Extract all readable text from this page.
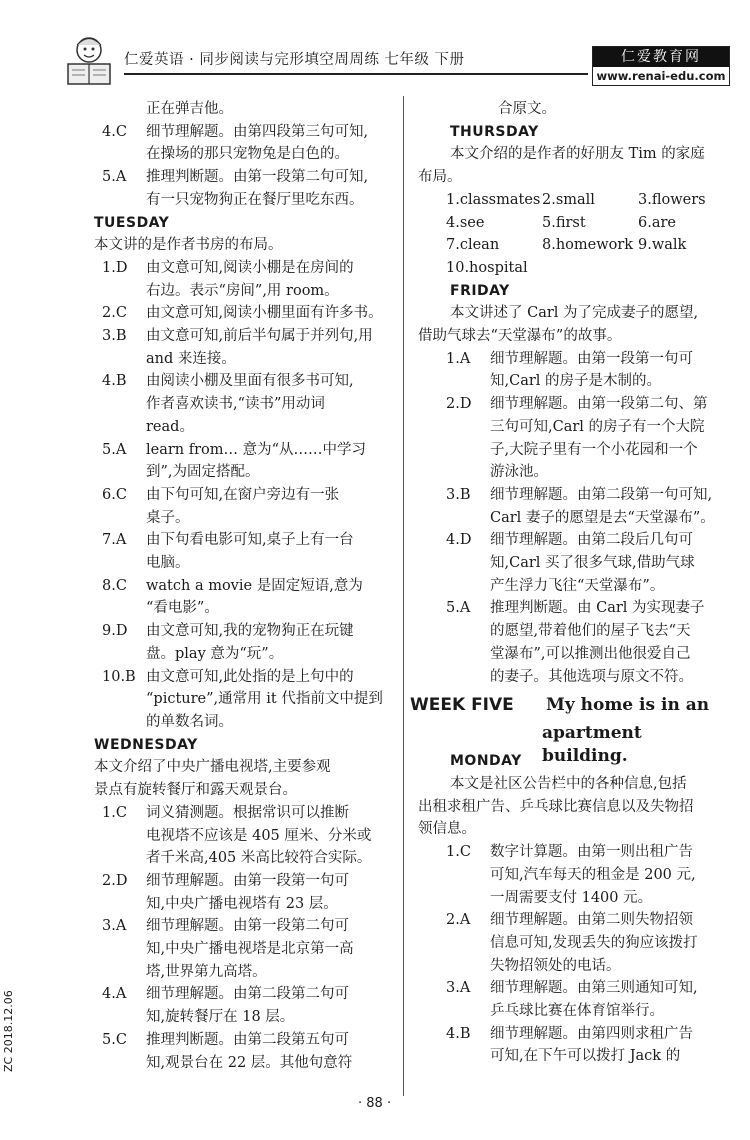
仁爱英语 · 同步阅读与完形填空周周练 七年级 下册	仁爱教育网
www.renai-edu.com
正在弹吉他。
4.C 细节理解题。由第四段第三句可知,
在操场的那只宠物兔是白色的。
5.A 推理判断题。由第一段第二句可知,
有一只宠物狗正在餐厅里吃东西。
TUESDAY
本文讲的是作者书房的布局。
1.D 由文意可知,阅读小棚是在房间的
右边。表示“房间”,用 room。
2.C 由文意可知,阅读小棚里面有许多书。
3.B 由文意可知,前后半句属于并列句,用
and 来连接。
4.B 由阅读小棚及里面有很多书可知,
作者喜欢读书,“读书”用动词
read。
5.A learn from… 意为“从……中学习
到”,为固定搭配。
6.C 由下句可知,在窗户旁边有一张
桌子。
7.A 由下句看电影可知,桌子上有一台
电脑。
8.C watch a movie 是固定短语,意为
“看电影”。
9.D 由文意可知,我的宠物狗正在玩键
盘。play 意为“玩”。
10.B 由文意可知,此处指的是上句中的
“picture”,通常用 it 代指前文中提到
的单数名词。
WEDNESDAY
本文介绍了中央广播电视塔,主要参观
景点有旋转餐厅和露天观景台。
1.C 词义猜测题。根据常识可以推断
电视塔不应该是 405 厘米、分米或
者千米高,405 米高比较符合实际。
2.D 细节理解题。由第一段第一句可
知,中央广播电视塔有 23 层。
3.A 细节理解题。由第一段第二句可
知,中央广播电视塔是北京第一高
塔,世界第九高塔。
4.A 细节理解题。由第二段第二句可
知,旋转餐厅在 18 层。
5.C 推理判断题。由第二段第五句可
知,观景台在 22 层。其他句意符
合原文。
THURSDAY
本文介绍的是作者的好朋友 Tim 的家庭
布局。
1.classmates 2.small	3.flowers
4.see	5.first	6.are
7.clean	8.homework 9.walk
10.hospital
FRIDAY
本文讲述了 Carl 为了完成妻子的愿望,
借助气球去“天堂瀑布”的故事。
1.A 细节理解题。由第一段第一句可
知,Carl 的房子是木制的。
2.D 细节理解题。由第一段第二句、第
三句可知,Carl 的房子有一个大院
子,大院子里有一个小花园和一个
游泳池。
3.B 细节理解题。由第二段第一句可知,
Carl 妻子的愿望是去“天堂瀑布”。
4.D 细节理解题。由第二段后几句可
知,Carl 买了很多气球,借助气球
产生浮力飞往“天堂瀑布”。
5.A 推理判断题。由 Carl 为实现妻子
的愿望,带着他们的屋子飞去“天
堂瀑布”,可以推测出他很爱自己
的妻子。其他选项与原文不符。
WEEK FIVE My home is in an
apartment building.
MONDAY
本文是社区公告栏中的各种信息,包括
出租求租广告、乒乓球比赛信息以及失物招
领信息。
1.C 数字计算题。由第一则出租广告
可知,汽车每天的租金是 200 元,
一周需要支付 1400 元。
2.A 细节理解题。由第二则失物招领
信息可知,发现丢失的狗应该拨打
失物招领处的电话。
3.A 细节理解题。由第三则通知可知,
乒乓球比赛在体育馆举行。
4.B 细节理解题。由第四则求租广告
可知,在下午可以拨打 Jack 的
· 88 ·
ZC 2018.12.06
